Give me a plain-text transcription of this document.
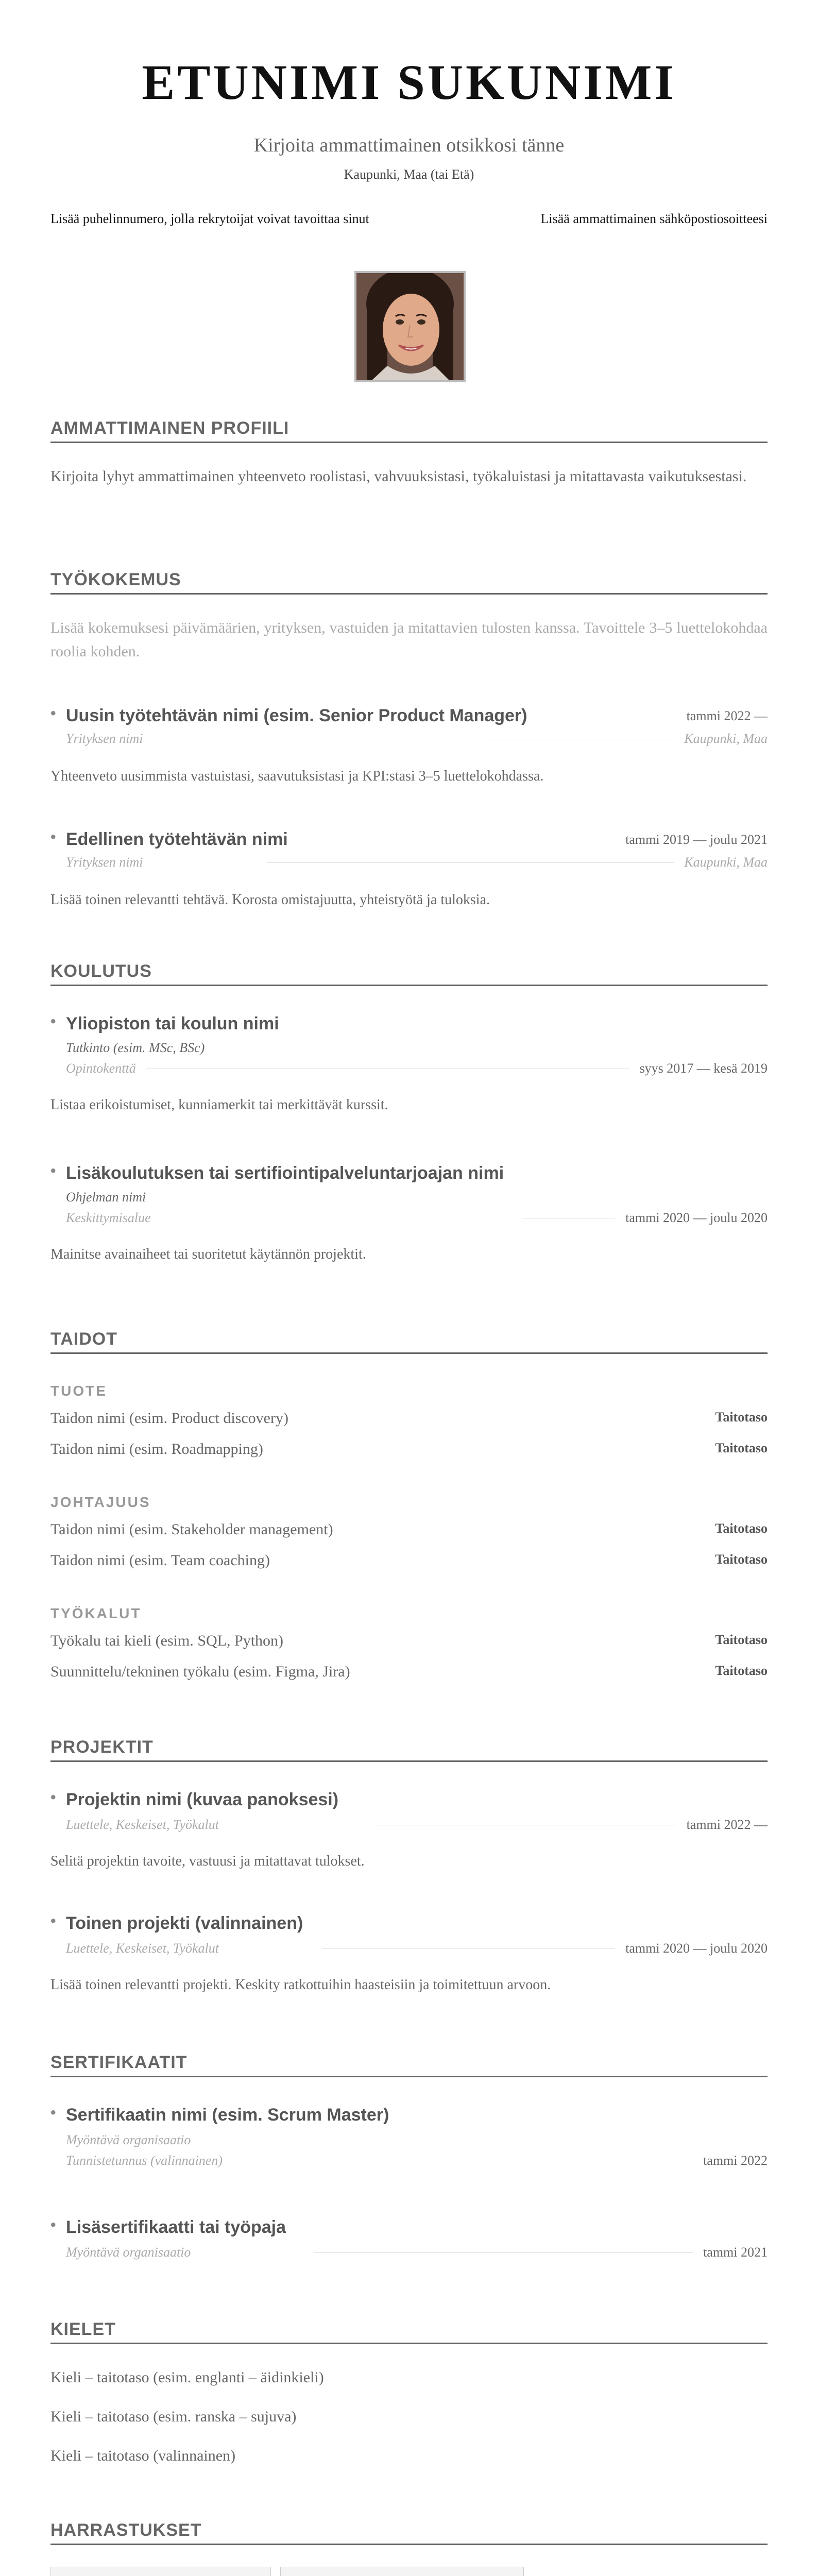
ETUNIMI SUKUNIMI
Kirjoita ammattimainen otsikkosi tänne
Kaupunki, Maa (tai Etä)
Lisää puhelinnumero, jolla rekrytoijat voivat tavoittaa sinut	Lisää ammattimainen sähköpostiosoitteesi
AMMATTIMAINEN PROFIILI
Kirjoita lyhyt ammattimainen yhteenveto roolistasi, vahvuuksistasi, työkaluistasi ja mitattavasta vaikutuksestasi.
TYÖKOKEMUS
Lisää kokemuksesi päivämäärien, yrityksen, vastuiden ja mitattavien tulosten kanssa. Tavoittele 3–5 luettelokohdaa roolia kohden.
• Uusin työtehtävän nimi (esim. Senior Product Manager)	tammi 2022 —
Yrityksen nimi	Kaupunki, Maa
Yhteenveto uusimmista vastuistasi, saavutuksistasi ja KPI:stasi 3–5 luettelokohdassa.
• Edellinen työtehtävän nimi	tammi 2019 — joulu 2021
Yrityksen nimi	Kaupunki, Maa
Lisää toinen relevantti tehtävä. Korosta omistajuutta, yhteistyötä ja tuloksia.
KOULUTUS
• Yliopiston tai koulun nimi
Tutkinto (esim. MSc, BSc)
Opintokenttä	syys 2017 — kesä 2019
Listaa erikoistumiset, kunniamerkit tai merkittävät kurssit.
• Lisäkoulutuksen tai sertifiointipalveluntarjoajan nimi
Ohjelman nimi
Keskittymisalue	tammi 2020 — joulu 2020
Mainitse avainaiheet tai suoritetut käytännön projektit.
TAIDOT
TUOTE
Taidon nimi (esim. Product discovery)	Taitotaso
Taidon nimi (esim. Roadmapping)	Taitotaso
JOHTAJUUS
Taidon nimi (esim. Stakeholder management)	Taitotaso
Taidon nimi (esim. Team coaching)	Taitotaso
TYÖKALUT
Työkalu tai kieli (esim. SQL, Python)	Taitotaso
Suunnittelu/tekninen työkalu (esim. Figma, Jira)	Taitotaso
PROJEKTIT
• Projektin nimi (kuvaa panoksesi)
Luettele, Keskeiset, Työkalut	tammi 2022 —
Selitä projektin tavoite, vastuusi ja mitattavat tulokset.
• Toinen projekti (valinnainen)
Luettele, Keskeiset, Työkalut	tammi 2020 — joulu 2020
Lisää toinen relevantti projekti. Keskity ratkottuihin haasteisiin ja toimitettuun arvoon.
SERTIFIKAATIT
• Sertifikaatin nimi (esim. Scrum Master)
Myöntävä organisaatio
Tunnistetunnus (valinnainen)	tammi 2022
• Lisäsertifikaatti tai työpaja
Myöntävä organisaatio	tammi 2021
KIELET
Kieli – taitotaso (esim. englanti – äidinkieli)
Kieli – taitotaso (esim. ranska – sujuva)
Kieli – taitotaso (valinnainen)
HARRASTUKSET
